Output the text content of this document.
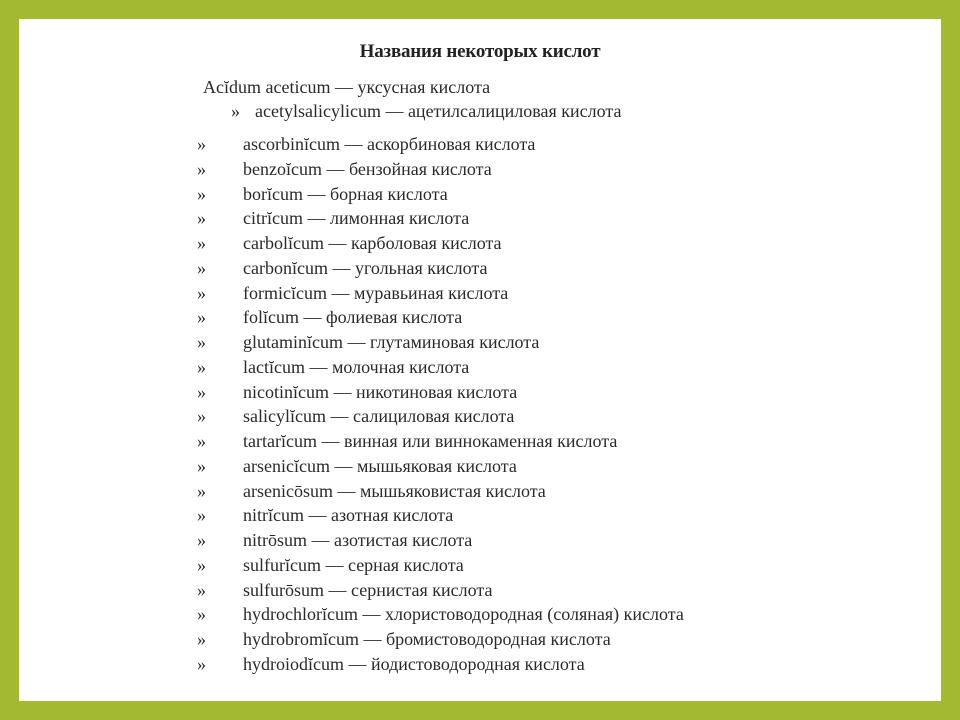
Названия некоторых кислот
Acĭdum aceticum — уксусная кислота
» acetylsalicylicum — ацетилсалициловая кислота
»	ascorbinĭcum — аскорбиновая кислота
»	benzoĭcum — бензойная кислота
»	borĭcum — борная кислота
»	citrĭcum — лимонная кислота
»	carbolĭcum — карболовая кислота
»	carbonĭcum — угольная кислота
»	formicĭcum — муравьиная кислота
»	folĭcum — фолиевая кислота
»	glutaminĭcum — глутаминовая кислота
»	lactĭcum — молочная кислота
»	nicotinĭcum — никотиновая кислота
»	salicylĭcum — салициловая кислота
»	tartarĭcum — винная или виннокаменная кислота
»	arsenicĭcum — мышьяковая кислота
»	arsenicōsum — мышьяковистая кислота
»	nitrĭcum — азотная кислота
»	nitrōsum — азотистая кислота
»	sulfurĭcum — серная кислота
»	sulfurōsum — сернистая кислота
»	hydrochlorĭcum — хлористоводородная (соляная) кислота
»	hydrobromĭcum — бромистоводородная кислота
»	hydroiodĭcum — йодистоводородная кислота
